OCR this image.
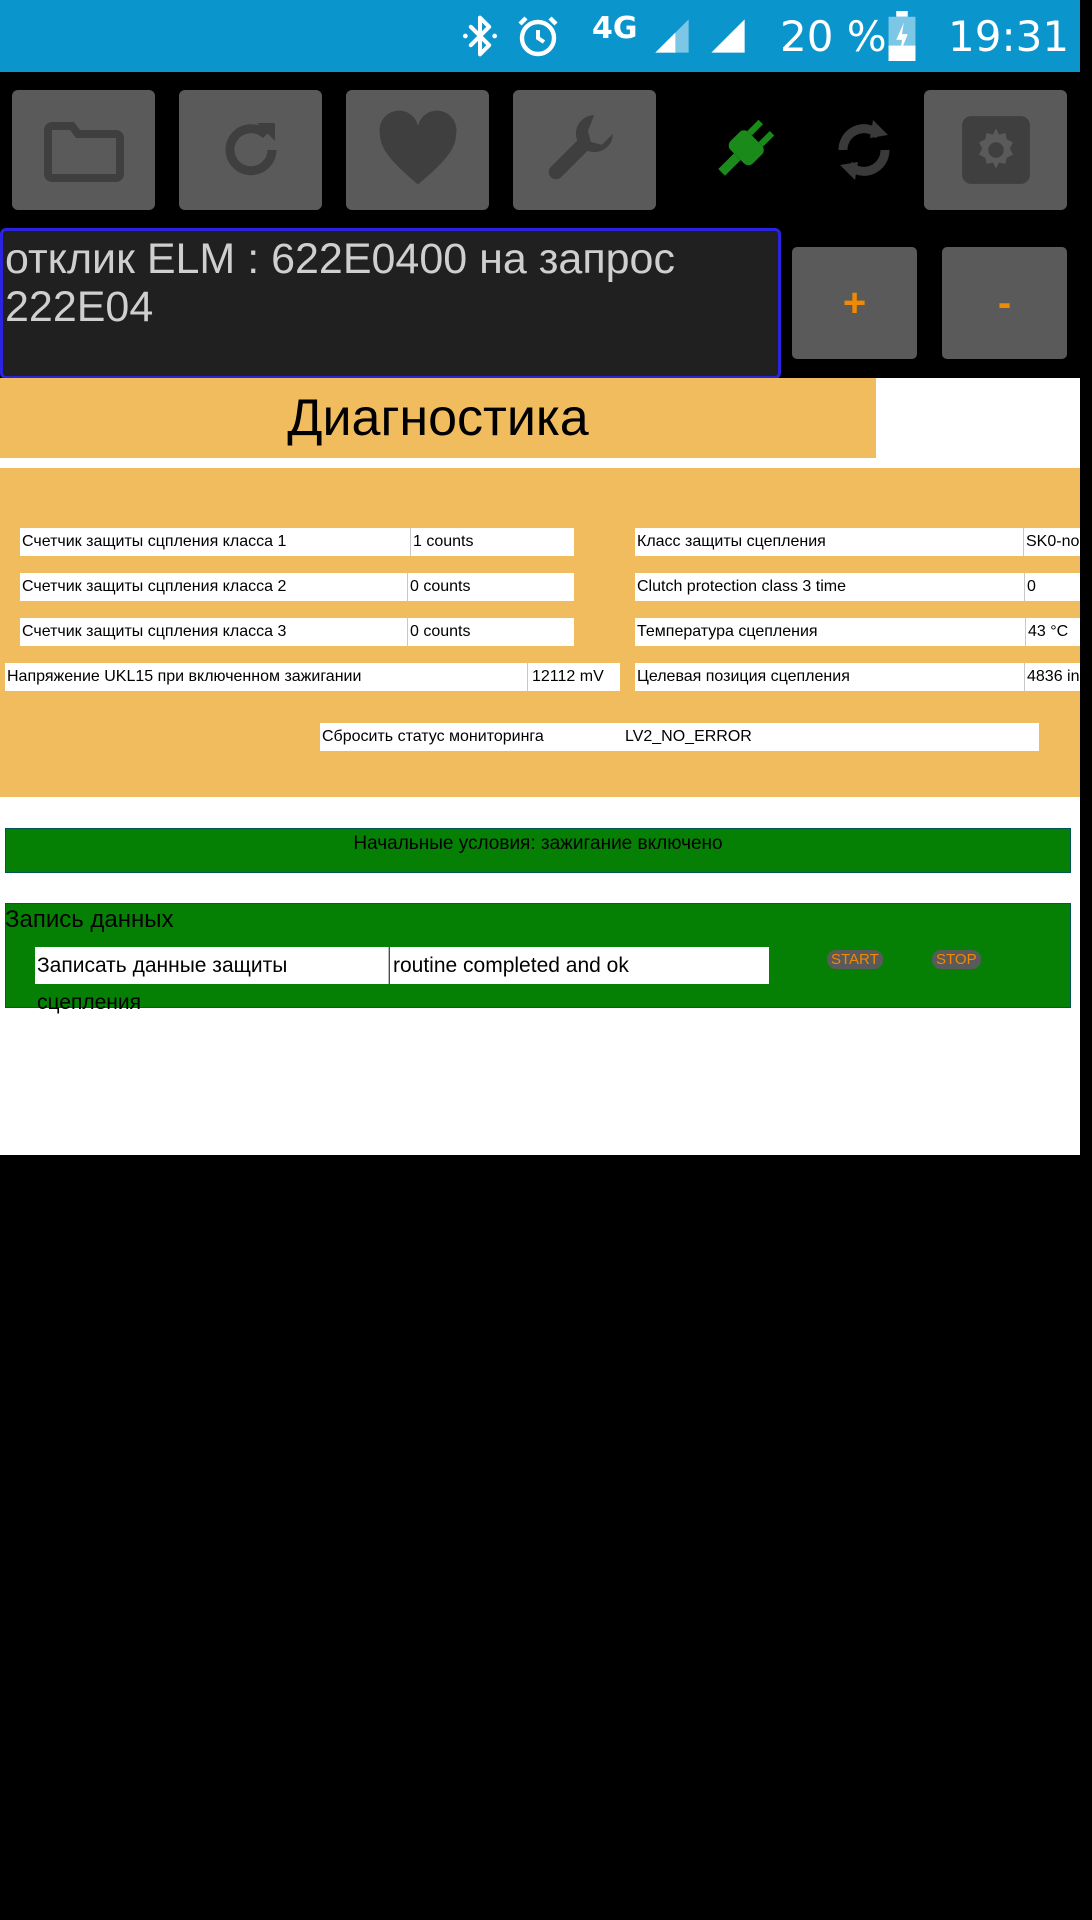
4G	20 % 19:31
отклик ELM : 622E0400 на запрос
222E04	+	-
Диагностика
Счетчик защиты сцпления класса 1	1 counts
Счетчик защиты сцпления класса 2	0 counts
Счетчик защиты сцпления класса 3	0 counts
Напряжение UKL15 при включенном зажигании	12112 mV
Класс защиты сцепления	SK0-no c
Clutch protection class 3 time	0
Температура сцепления	43 °C
Целевая позиция сцепления	4836 inc
Сбросить статус мониторинга	LV2_NO_ERROR
Начальные условия: зажигание включено
Запись данных
Записать данные защиты сцепления
routine completed and ok	START	STOP
